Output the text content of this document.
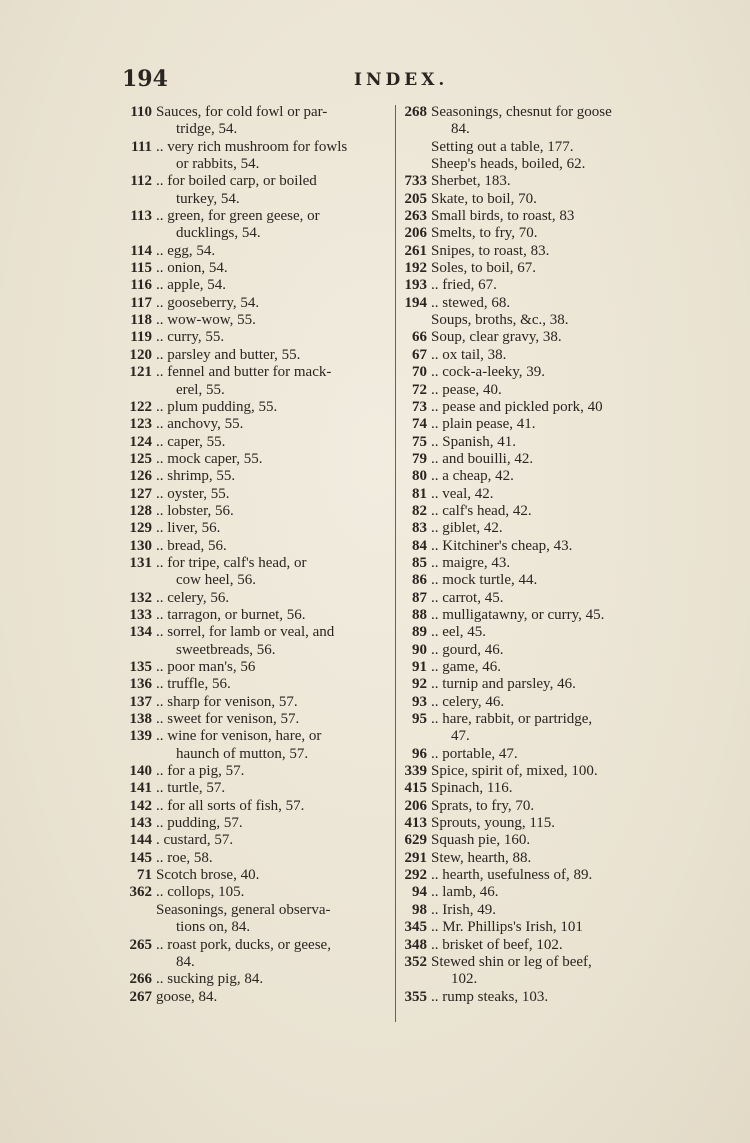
194	INDEX.
110 Sauces, for cold fowl or par-
tridge, 54.
111 .. very rich mushroom for fowls
or rabbits, 54.
112 .. for boiled carp, or boiled
turkey, 54.
113 .. green, for green geese, or
ducklings, 54.
114 .. egg, 54.
115 .. onion, 54.
116 .. apple, 54.
117 .. gooseberry, 54.
118 .. wow-wow, 55.
119 .. curry, 55.
120 .. parsley and butter, 55.
121 .. fennel and butter for mack-
erel, 55.
122 .. plum pudding, 55.
123 .. anchovy, 55.
124 .. caper, 55.
125 .. mock caper, 55.
126 .. shrimp, 55.
127 .. oyster, 55.
128 .. lobster, 56.
129 .. liver, 56.
130 .. bread, 56.
131 .. for tripe, calf's head, or
cow heel, 56.
132 .. celery, 56.
133 .. tarragon, or burnet, 56.
134 .. sorrel, for lamb or veal, and
sweetbreads, 56.
135 .. poor man's, 56
136 .. truffle, 56.
137 .. sharp for venison, 57.
138 .. sweet for venison, 57.
139 .. wine for venison, hare, or
haunch of mutton, 57.
140 .. for a pig, 57.
141 .. turtle, 57.
142 .. for all sorts of fish, 57.
143 .. pudding, 57.
144 . custard, 57.
145 .. roe, 58.
71 Scotch brose, 40.
362 .. collops, 105.
Seasonings, general observa-
tions on, 84.
265 .. roast pork, ducks, or geese,
84.
266 .. sucking pig, 84.
267 goose, 84.
268 Seasonings, chesnut for goose
84.
Setting out a table, 177.
Sheep's heads, boiled, 62.
733 Sherbet, 183.
205 Skate, to boil, 70.
263 Small birds, to roast, 83
206 Smelts, to fry, 70.
261 Snipes, to roast, 83.
192 Soles, to boil, 67.
193 .. fried, 67.
194 .. stewed, 68.
Soups, broths, &c., 38.
66 Soup, clear gravy, 38.
67 .. ox tail, 38.
70 .. cock-a-leeky, 39.
72 .. pease, 40.
73 .. pease and pickled pork, 40
74 .. plain pease, 41.
75 .. Spanish, 41.
79 .. and bouilli, 42.
80 .. a cheap, 42.
81 .. veal, 42.
82 .. calf's head, 42.
83 .. giblet, 42.
84 .. Kitchiner's cheap, 43.
85 .. maigre, 43.
86 .. mock turtle, 44.
87 .. carrot, 45.
88 .. mulligatawny, or curry, 45.
89 .. eel, 45.
90 .. gourd, 46.
91 .. game, 46.
92 .. turnip and parsley, 46.
93 .. celery, 46.
95 .. hare, rabbit, or partridge,
47.
96 .. portable, 47.
339 Spice, spirit of, mixed, 100.
415 Spinach, 116.
206 Sprats, to fry, 70.
413 Sprouts, young, 115.
629 Squash pie, 160.
291 Stew, hearth, 88.
292 .. hearth, usefulness of, 89.
94 .. lamb, 46.
98 .. Irish, 49.
345 .. Mr. Phillips's Irish, 101
348 .. brisket of beef, 102.
352 Stewed shin or leg of beef,
102.
355 .. rump steaks, 103.
